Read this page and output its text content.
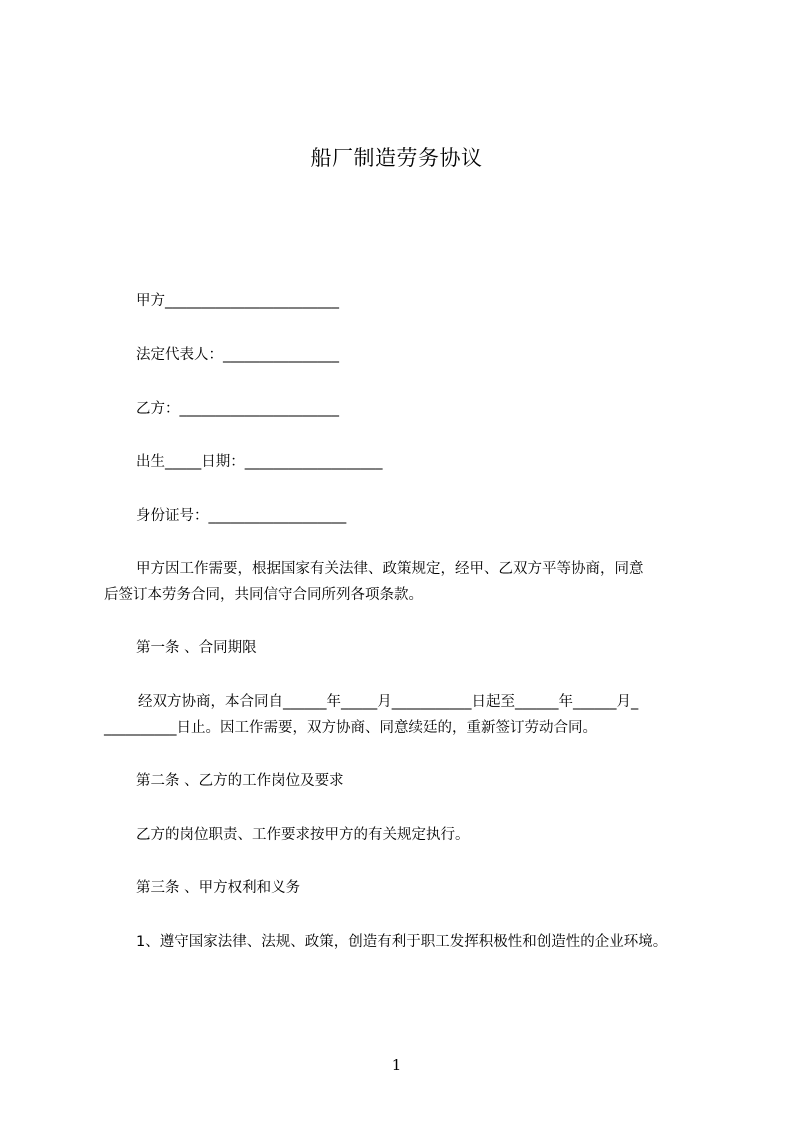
船厂制造劳务协议
甲方________________________
法定代表人：________________
乙方：______________________
出生_____日期：___________________
身份证号：___________________
甲方因工作需要，根据国家有关法律、政策规定，经甲、乙双方平等协商，同意
后签订本劳务合同，共同信守合同所列各项条款。
第一条 、合同期限
经双方协商，本合同自______年_____月___________日起至______年______月_
__________日止。因工作需要，双方协商、同意续廷的，重新签订劳动合同。
第二条 、乙方的工作岗位及要求
乙方的岗位职责、工作要求按甲方的有关规定执行。
第三条 、甲方权利和义务
1、遵守国家法律、法规、政策，创造有利于职工发挥积极性和创造性的企业环境。
1
